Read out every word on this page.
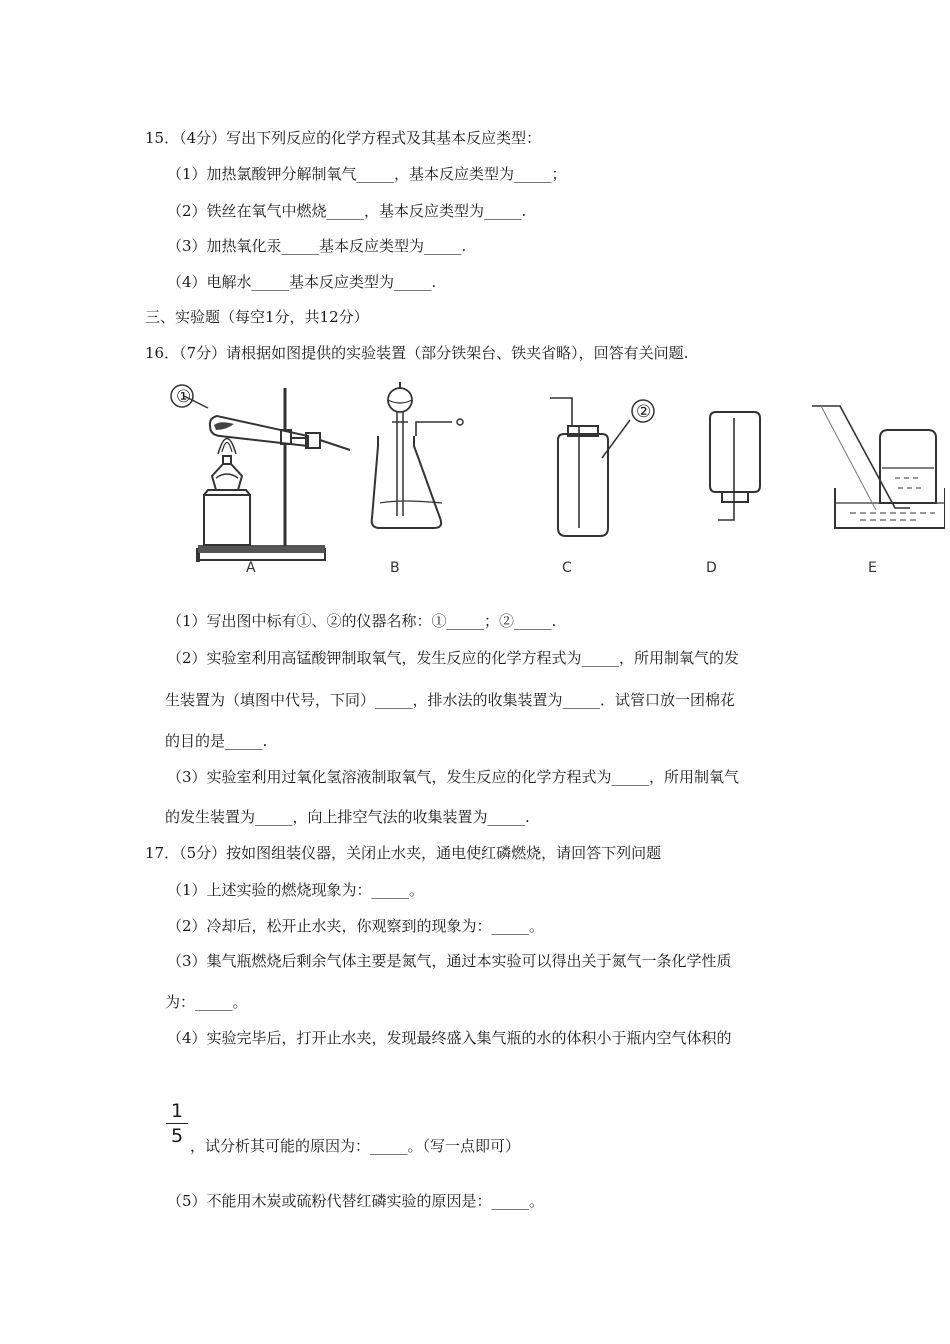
15．（4分）写出下列反应的化学方程式及其基本反应类型：
（1）加热氯酸钾分解制氧气_____，基本反应类型为_____；
（2）铁丝在氧气中燃烧_____，基本反应类型为_____.
（3）加热氧化汞_____基本反应类型为_____.
（4）电解水_____基本反应类型为_____.
三、实验题（每空1分，共12分）
16．（7分）请根据如图提供的实验装置（部分铁架台、铁夹省略），回答有关问题.
①
②
A	B	C	D	E
（1）写出图中标有①、②的仪器名称：①_____；②_____.
（2）实验室利用高锰酸钾制取氧气，发生反应的化学方程式为_____，所用制氧气的发
生装置为（填图中代号，下同）_____，排水法的收集装置为_____．试管口放一团棉花
的目的是_____.
（3）实验室利用过氧化氢溶液制取氧气，发生反应的化学方程式为_____，所用制氧气
的发生装置为_____，向上排空气法的收集装置为_____.
17．（5分）按如图组装仪器，关闭止水夹，通电使红磷燃烧，请回答下列问题
（1）上述实验的燃烧现象为：_____。
（2）冷却后，松开止水夹，你观察到的现象为：_____。
（3）集气瓶燃烧后剩余气体主要是氮气，通过本实验可以得出关于氮气一条化学性质
为：_____。
（4）实验完毕后，打开止水夹，发现最终盛入集气瓶的水的体积小于瓶内空气体积的
1
5 ，试分析其可能的原因为：_____。（写一点即可）
（5）不能用木炭或硫粉代替红磷实验的原因是：_____。
